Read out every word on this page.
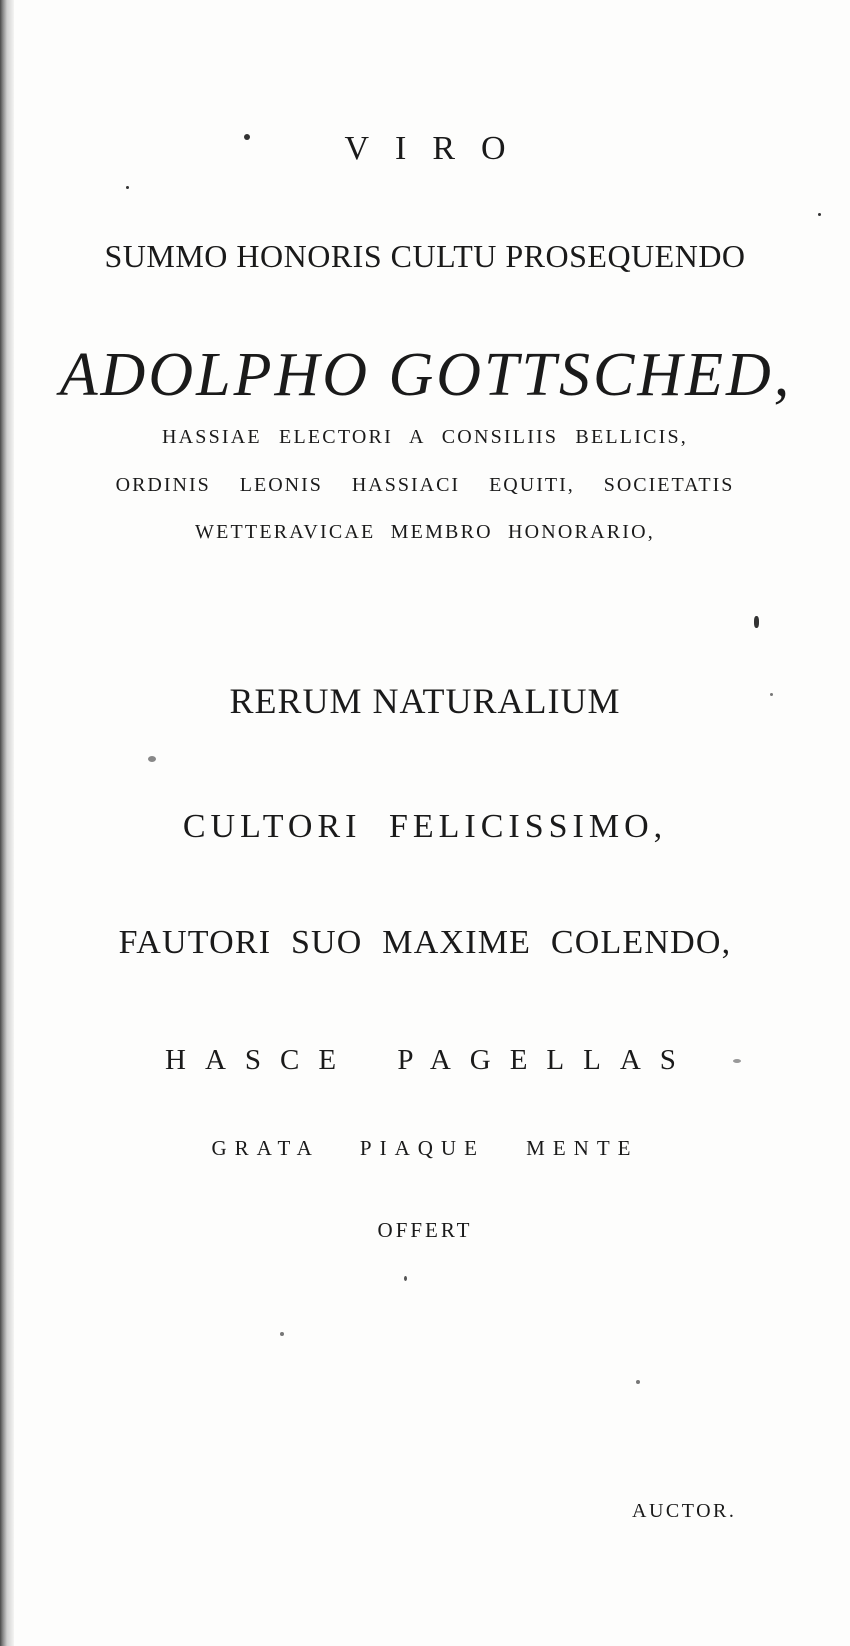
VIRO
SUMMO HONORIS CULTU PROSEQUENDO
ADOLPHO GOTTSCHED,
HASSIAE ELECTORI A CONSILIIS BELLICIS,
ORDINIS LEONIS HASSIACI EQUITI, SOCIETATIS
WETTERAVICAE MEMBRO HONORARIO,
RERUM NATURALIUM
CULTORI FELICISSIMO,
FAUTORI SUO MAXIME COLENDO,
HASCE PAGELLAS
GRATA PIAQUE MENTE
OFFERT
AUCTOR.
